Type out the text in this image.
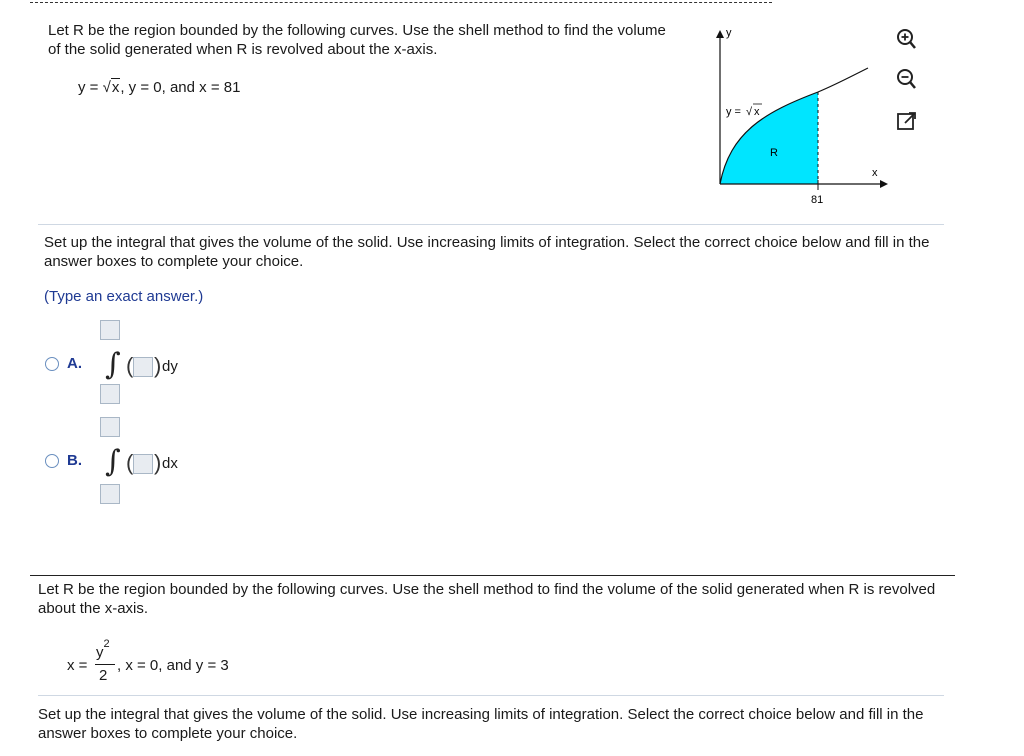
Let R be the region bounded by the following curves. Use the shell method to find the volume of the solid generated when R is revolved about the x-axis.
y = √x, y = 0, and x = 81
y
x
81
R
y = √ x
Set up the integral that gives the volume of the solid. Use increasing limits of integration. Select the correct choice below and fill in the answer boxes to complete your choice.
(Type an exact answer.)
A. ∫ ( ) dy
B. ∫ ( ) dx
Let R be the region bounded by the following curves. Use the shell method to find the volume of the solid generated when R is revolved about the x-axis.
x =
$y^2$
2
, x = 0, and y = 3
Set up the integral that gives the volume of the solid. Use increasing limits of integration. Select the correct choice below and fill in the answer boxes to complete your choice.
